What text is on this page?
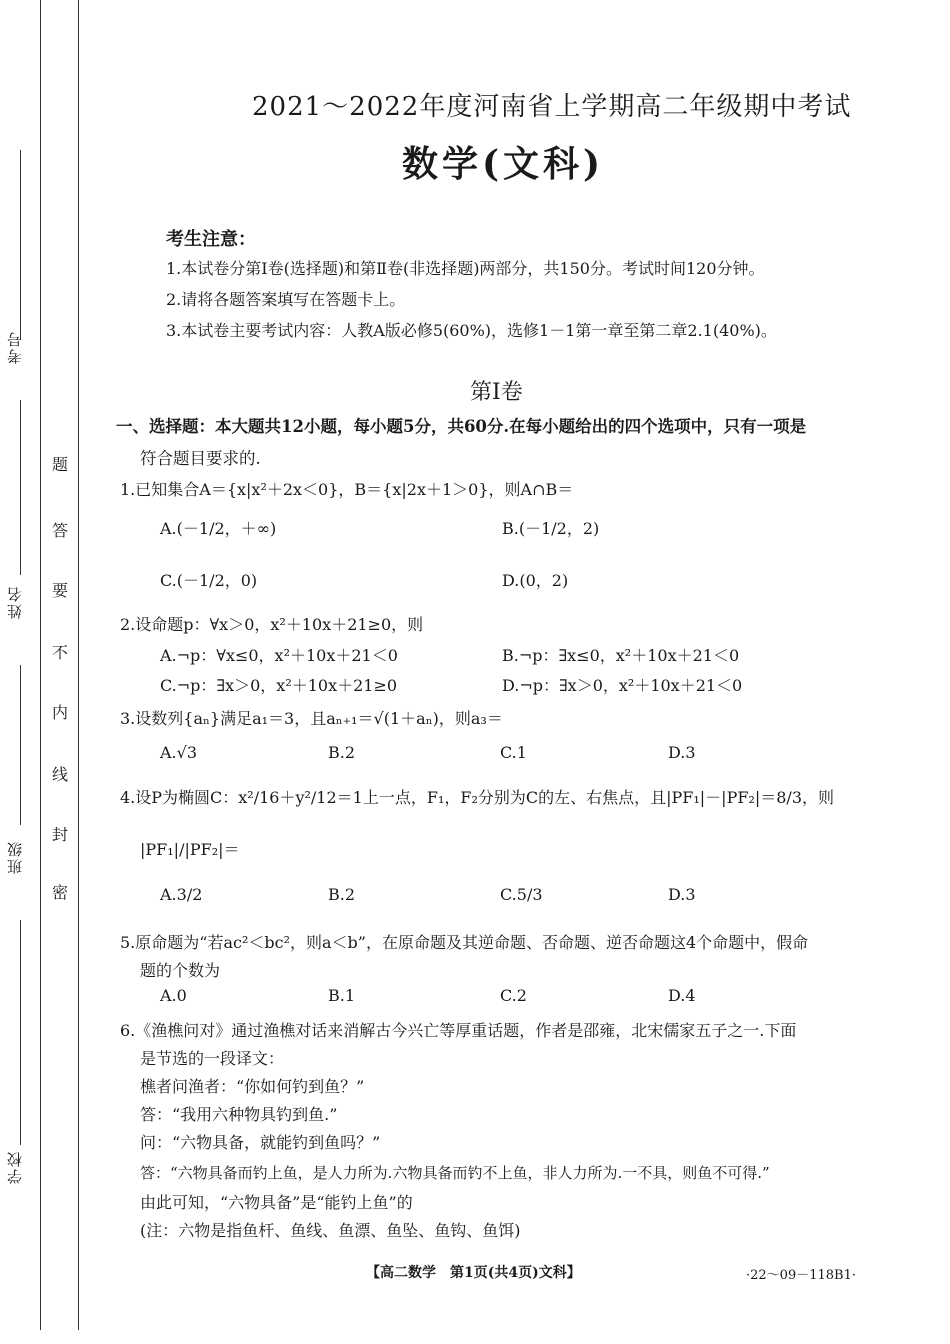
考号
姓名
班级
学校
题
答
要
不
内
线
封
密
2021～2022年度河南省上学期高二年级期中考试
数学(文科)
考生注意：
1.本试卷分第Ⅰ卷(选择题)和第Ⅱ卷(非选择题)两部分，共150分。考试时间120分钟。
2.请将各题答案填写在答题卡上。
3.本试卷主要考试内容：人教A版必修5(60%)，选修1－1第一章至第二章2.1(40%)。
第Ⅰ卷
一、选择题：本大题共12小题，每小题5分，共60分.在每小题给出的四个选项中，只有一项是
符合题目要求的.
1.已知集合A＝{x|x²＋2x＜0}，B＝{x|2x＋1＞0}，则A∩B＝
A.(－1/2，＋∞)	B.(－1/2，2)
C.(－1/2，0)	D.(0，2)
2.设命题p：∀x＞0，x²＋10x＋21≥0，则
A.¬p：∀x≤0，x²＋10x＋21＜0	B.¬p：∃x≤0，x²＋10x＋21＜0
C.¬p：∃x＞0，x²＋10x＋21≥0	D.¬p：∃x＞0，x²＋10x＋21＜0
3.设数列{aₙ}满足a₁＝3，且aₙ₊₁＝√(1＋aₙ)，则a₃＝
A.√3	B.2	C.1	D.3
4.设P为椭圆C：x²/16＋y²/12＝1上一点，F₁，F₂分别为C的左、右焦点，且|PF₁|－|PF₂|＝8/3，则
|PF₁|/|PF₂|＝
A.3/2	B.2	C.5/3	D.3
5.原命题为“若ac²＜bc²，则a＜b”，在原命题及其逆命题、否命题、逆否命题这4个命题中，假命
题的个数为
A.0	B.1	C.2	D.4
6.《渔樵问对》通过渔樵对话来消解古今兴亡等厚重话题，作者是邵雍，北宋儒家五子之一.下面
是节选的一段译文：
樵者问渔者：“你如何钓到鱼？”
答：“我用六种物具钓到鱼.”
问：“六物具备，就能钓到鱼吗？”
答：“六物具备而钓上鱼，是人力所为.六物具备而钓不上鱼，非人力所为.一不具，则鱼不可得.”
由此可知，“六物具备”是“能钓上鱼”的
(注：六物是指鱼杆、鱼线、鱼漂、鱼坠、鱼钩、鱼饵)
【高二数学　第1页(共4页)文科】	·22～09－118B1·
